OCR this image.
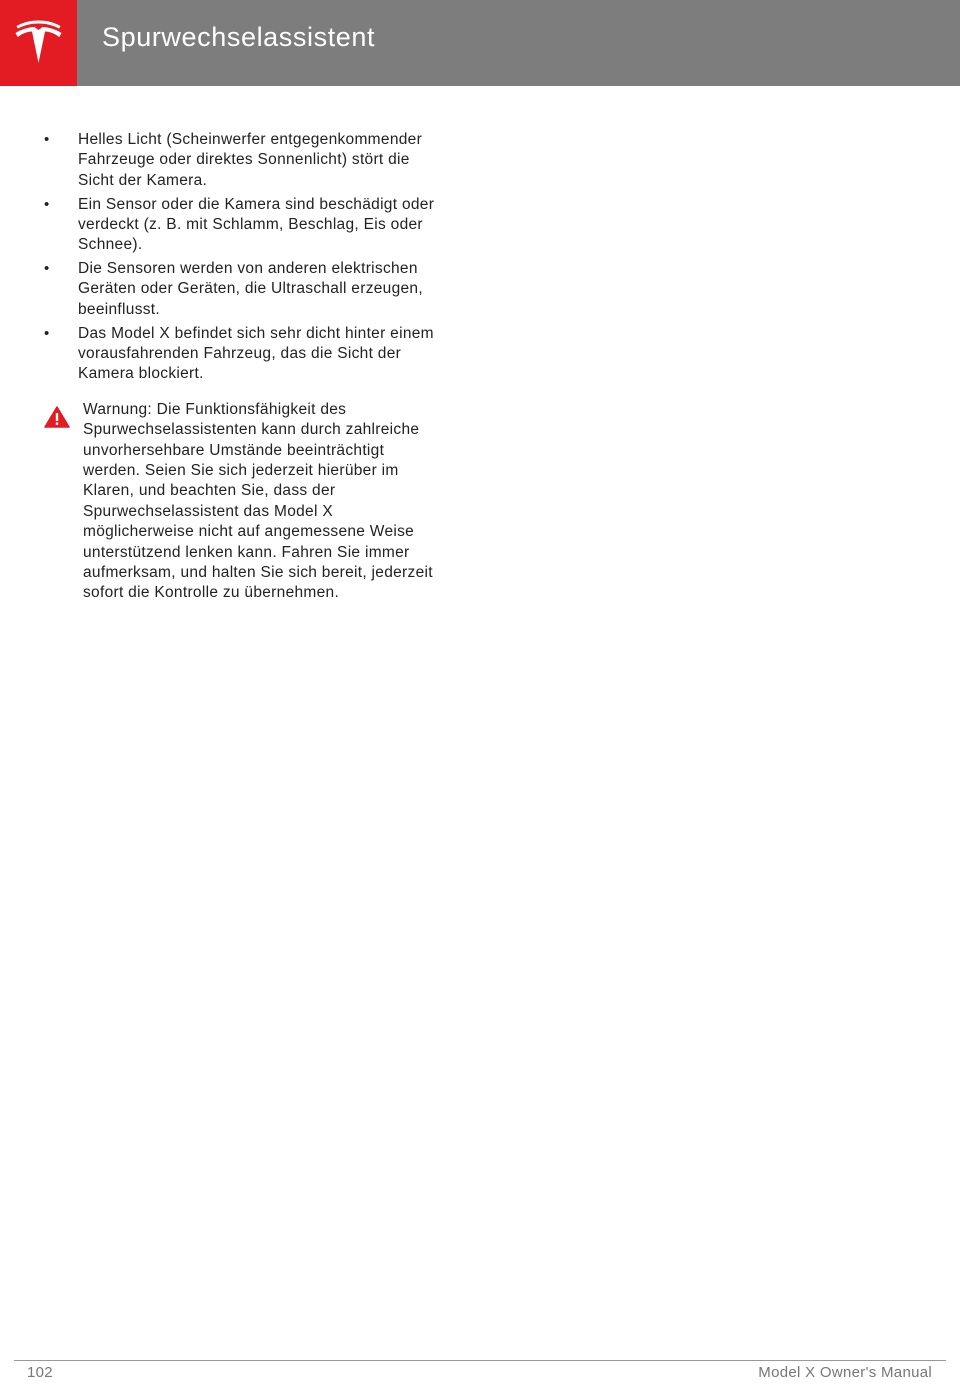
Spurwechselassistent
• Helles Licht (Scheinwerfer entgegenkommender Fahrzeuge oder direktes Sonnenlicht) stört die Sicht der Kamera.
• Ein Sensor oder die Kamera sind beschädigt oder verdeckt (z. B. mit Schlamm, Beschlag, Eis oder Schnee).
• Die Sensoren werden von anderen elektrischen Geräten oder Geräten, die Ultraschall erzeugen, beeinflusst.
• Das Model X befindet sich sehr dicht hinter einem vorausfahrenden Fahrzeug, das die Sicht der Kamera blockiert.
Warnung: Die Funktionsfähigkeit des Spurwechselassistenten kann durch zahlreiche unvorhersehbare Umstände beeinträchtigt werden. Seien Sie sich jederzeit hierüber im Klaren, und beachten Sie, dass der Spurwechselassistent das Model X möglicherweise nicht auf angemessene Weise unterstützend lenken kann. Fahren Sie immer aufmerksam, und halten Sie sich bereit, jederzeit sofort die Kontrolle zu übernehmen.
102	Model X Owner's Manual
